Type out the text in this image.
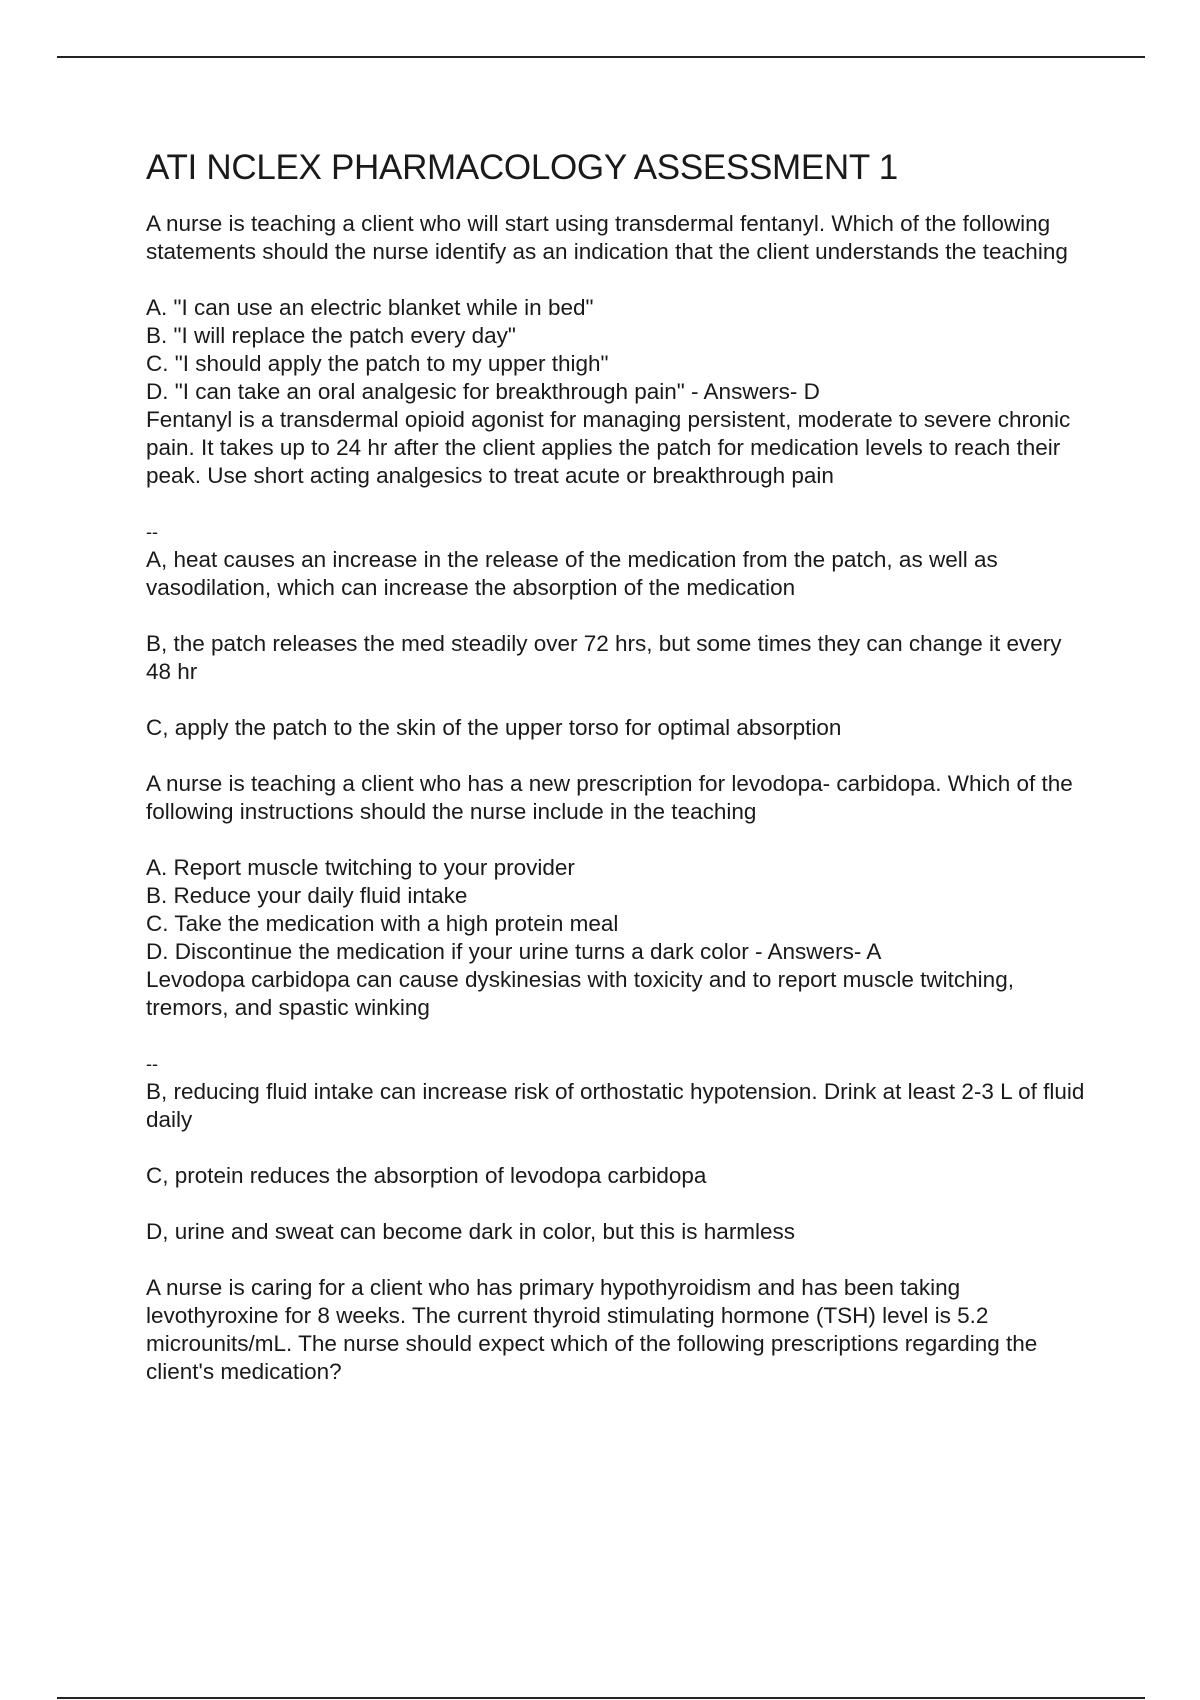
ATI NCLEX PHARMACOLOGY ASSESSMENT 1

A nurse is teaching a client who will start using transdermal fentanyl. Which of the following statements should the nurse identify as an indication that the client understands the teaching

A. "I can use an electric blanket while in bed"
B. "I will replace the patch every day"
C. "I should apply the patch to my upper thigh"
D. "I can take an oral analgesic for breakthrough pain" - Answers- D

Fentanyl is a transdermal opioid agonist for managing persistent, moderate to severe chronic pain. It takes up to 24 hr after the client applies the patch for medication levels to reach their peak. Use short acting analgesics to treat acute or breakthrough pain

--

A, heat causes an increase in the release of the medication from the patch, as well as vasodilation, which can increase the absorption of the medication

B, the patch releases the med steadily over 72 hrs, but some times they can change it every 48 hr

C, apply the patch to the skin of the upper torso for optimal absorption

A nurse is teaching a client who has a new prescription for levodopa- carbidopa. Which of the following instructions should the nurse include in the teaching

A. Report muscle twitching to your provider
B. Reduce your daily fluid intake
C. Take the medication with a high protein meal
D. Discontinue the medication if your urine turns a dark color - Answers- A

Levodopa carbidopa can cause dyskinesias with toxicity and to report muscle twitching, tremors, and spastic winking

--

B, reducing fluid intake can increase risk of orthostatic hypotension. Drink at least 2-3 L of fluid daily

C, protein reduces the absorption of levodopa carbidopa

D, urine and sweat can become dark in color, but this is harmless

A nurse is caring for a client who has primary hypothyroidism and has been taking levothyroxine for 8 weeks. The current thyroid stimulating hormone (TSH) level is 5.2 microunits/mL. The nurse should expect which of the following prescriptions regarding the client's medication?
